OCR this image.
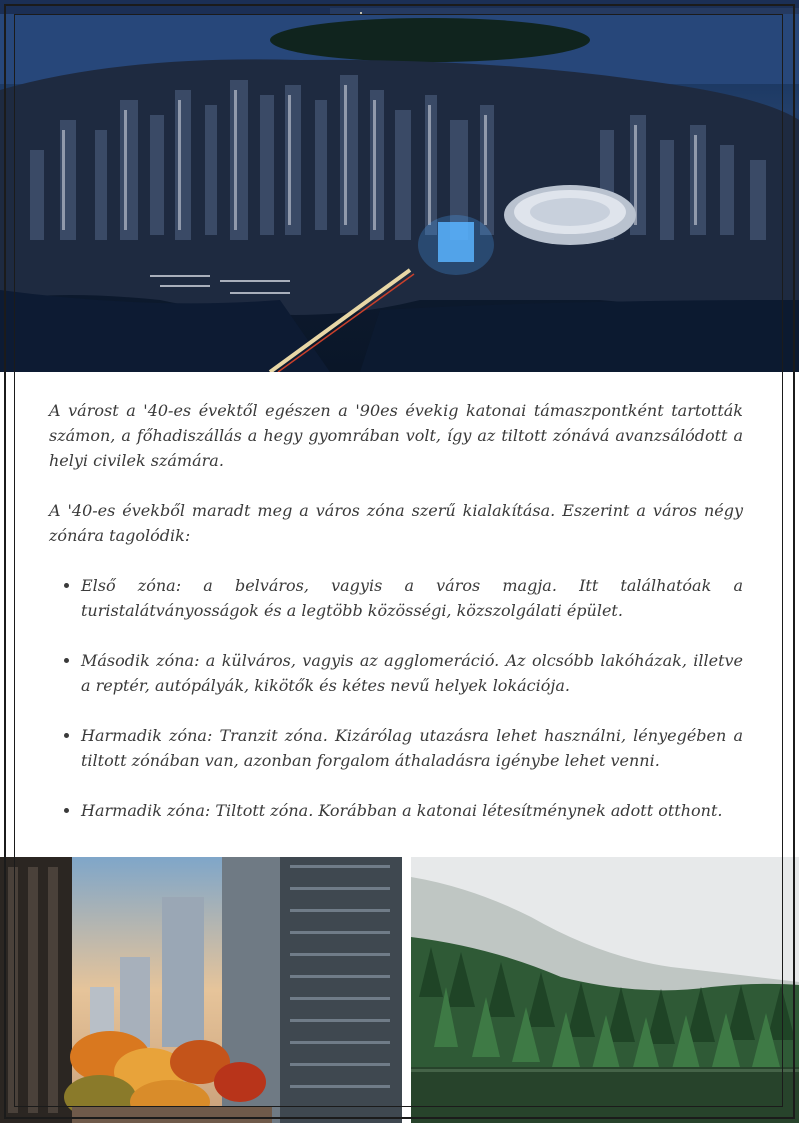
A várost a '40-es évektől egészen a '90es évekig katonai támaszpontként tartották számon, a főhadiszállás a hegy gyomrában volt, így az tiltott zónává avanzsálódott a helyi civilek számára.

A '40-es évekből maradt meg a város zóna szerű kialakítása. Eszerint a város négy zónára tagolódik:

• Első zóna: a belváros, vagyis a város magja. Itt találhatóak a turistalátványosságok és a legtöbb közösségi, közszolgálati épület.
• Második zóna: a külváros, vagyis az agglomeráció. Az olcsóbb lakóházak, illetve a reptér, autópályák, kikötők és kétes nevű helyek lokációja.
• Harmadik zóna: Tranzit zóna. Kizárólag utazásra lehet használni, lényegében a tiltott zónában van, azonban forgalom áthaladásra igénybe lehet venni.
• Harmadik zóna: Tiltott zóna. Korábban a katonai létesítménynek adott otthont.
